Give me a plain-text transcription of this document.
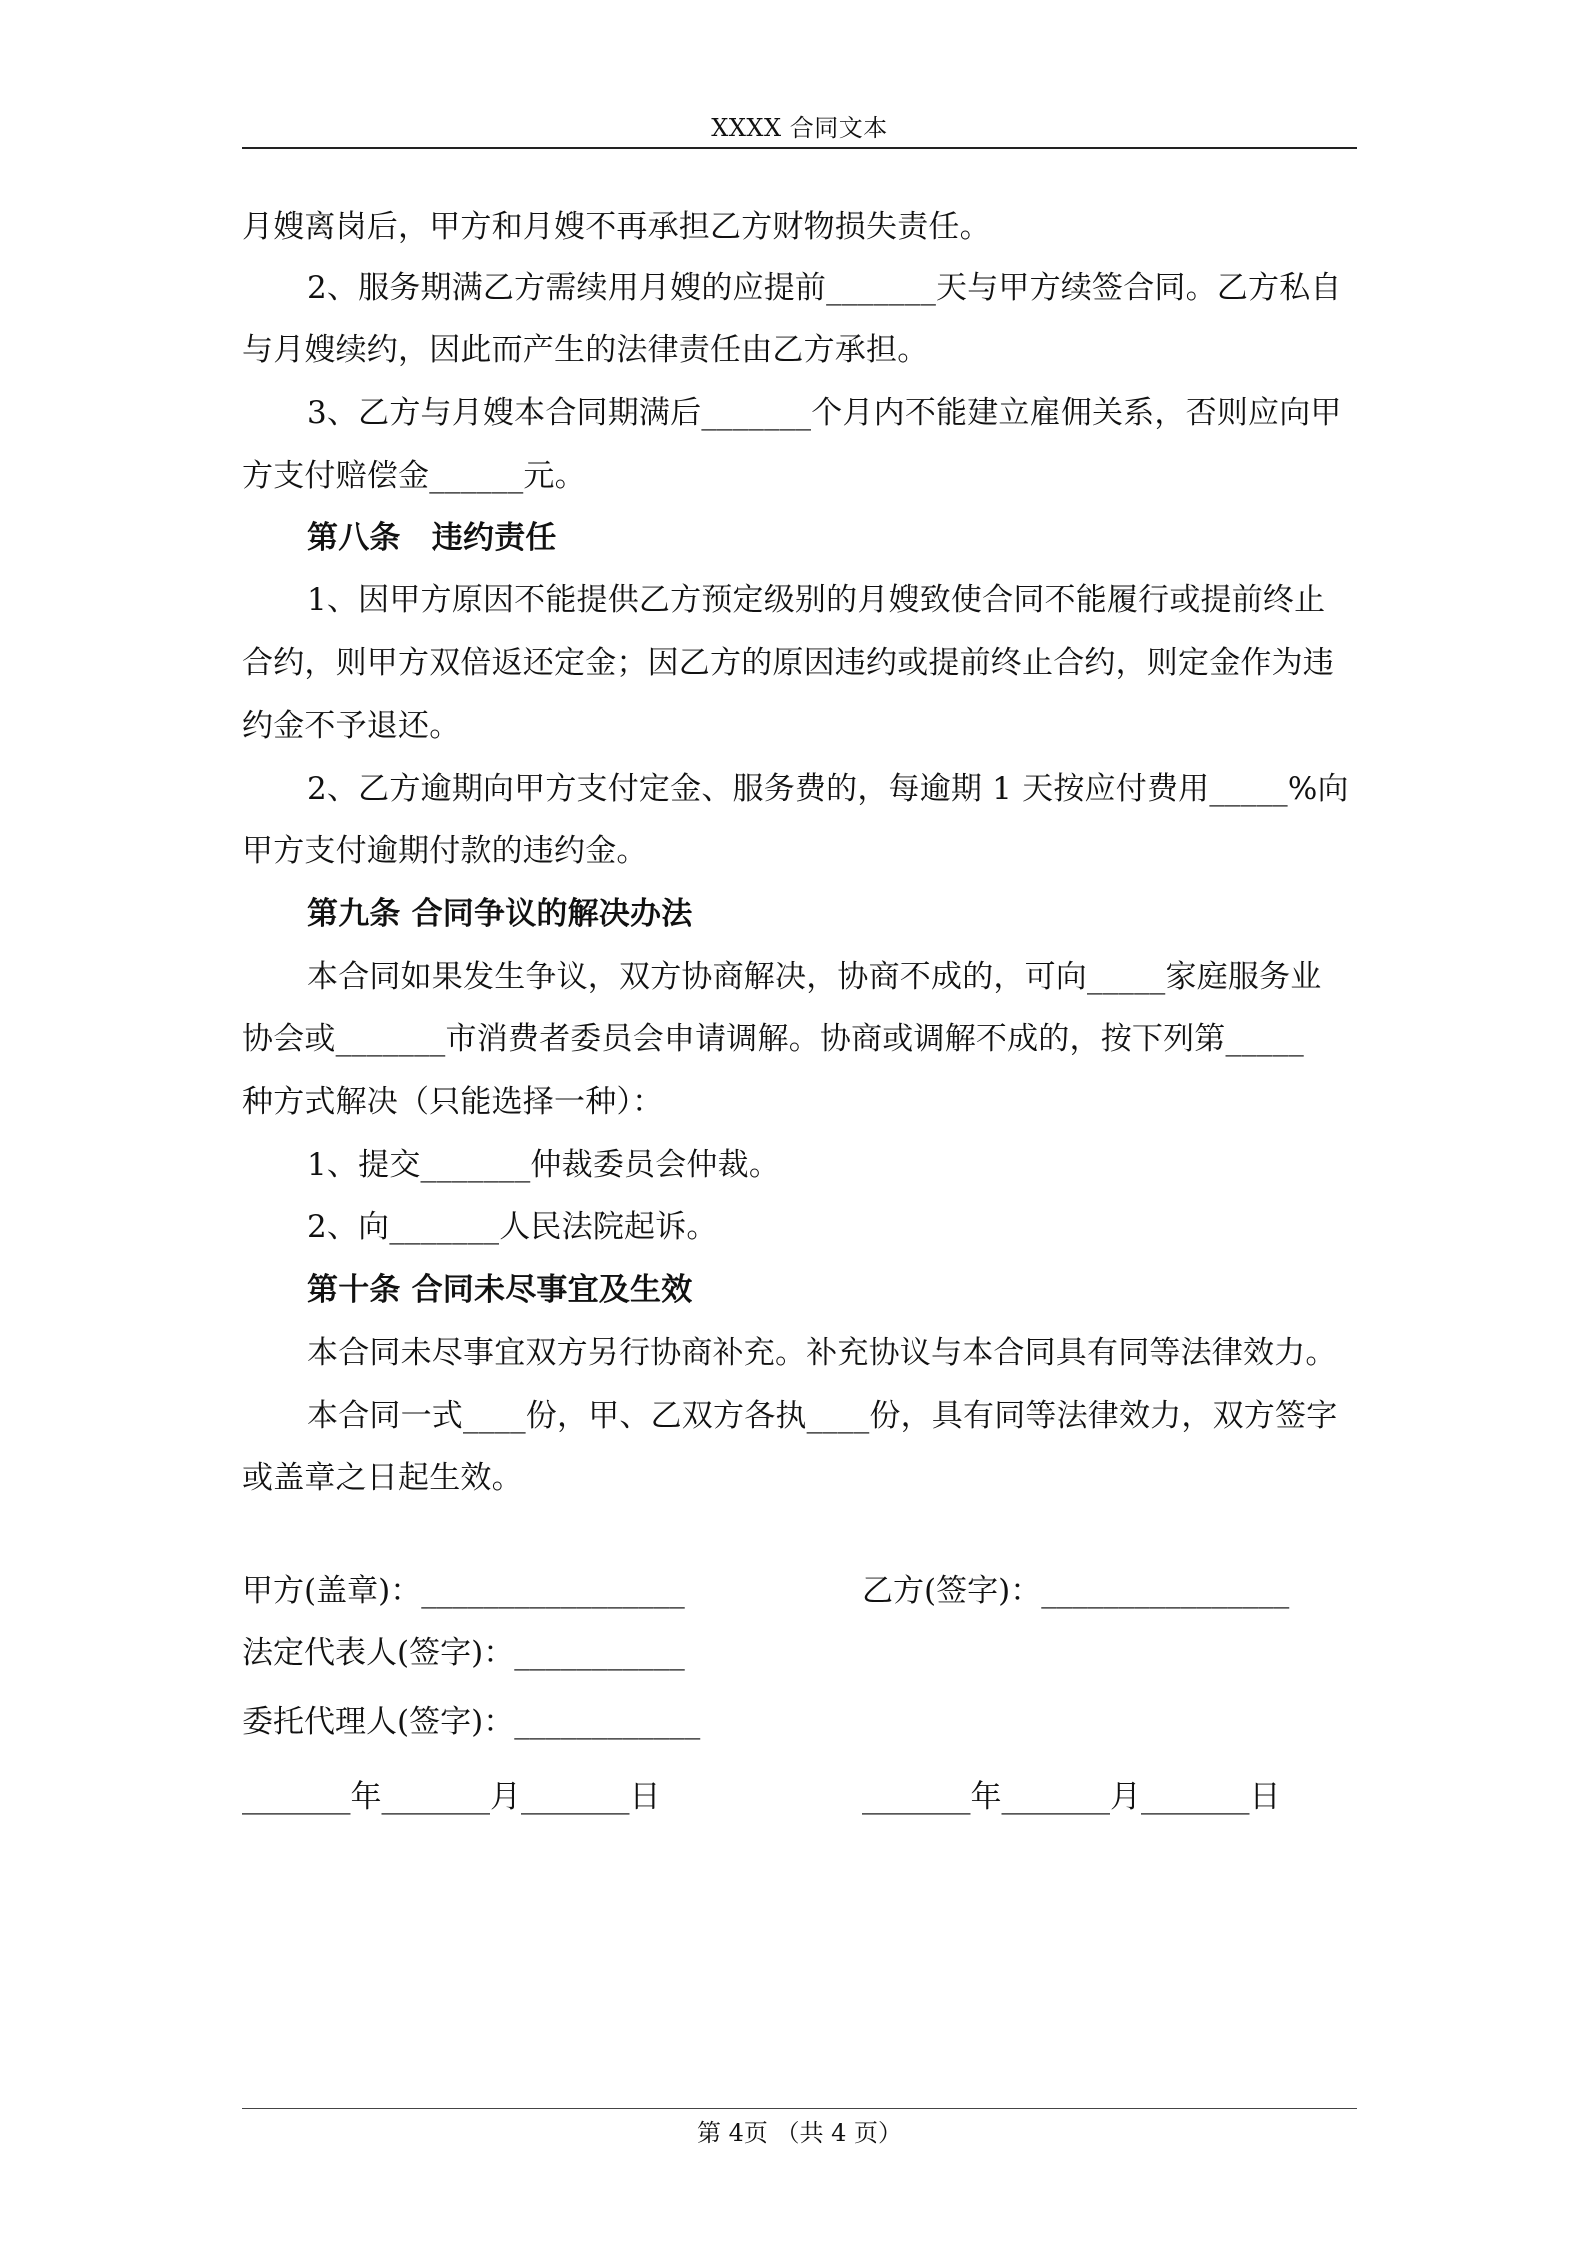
XXXX 合同文本
月嫂离岗后，甲方和月嫂不再承担乙方财物损失责任。
2、服务期满乙方需续用月嫂的应提前_______天与甲方续签合同。乙方私自
与月嫂续约，因此而产生的法律责任由乙方承担。
3、乙方与月嫂本合同期满后_______个月内不能建立雇佣关系，否则应向甲
方支付赔偿金______元。
第八条　违约责任
1、因甲方原因不能提供乙方预定级别的月嫂致使合同不能履行或提前终止
合约，则甲方双倍返还定金；因乙方的原因违约或提前终止合约，则定金作为违
约金不予退还。
2、乙方逾期向甲方支付定金、服务费的，每逾期 1 天按应付费用_____%向
甲方支付逾期付款的违约金。
第九条 合同争议的解决办法
本合同如果发生争议，双方协商解决，协商不成的，可向_____家庭服务业
协会或_______市消费者委员会申请调解。协商或调解不成的，按下列第_____
种方式解决（只能选择一种）：
1、提交_______仲裁委员会仲裁。
2、向_______人民法院起诉。
第十条 合同未尽事宜及生效
本合同未尽事宜双方另行协商补充。补充协议与本合同具有同等法律效力。
本合同一式____份，甲、乙双方各执____份，具有同等法律效力，双方签字
或盖章之日起生效。
甲方(盖章)：_________________	乙方(签字)：________________
法定代表人(签字)：___________
委托代理人(签字)：____________
_______年_______月_______日	_______年_______月_______日
第 4页 （共 4 页）
